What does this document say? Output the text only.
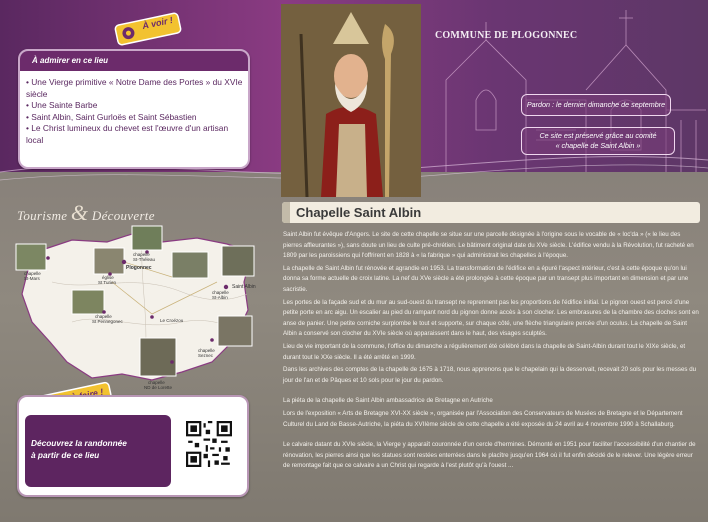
À voir !
À admirer en ce lieu
• Une Vierge primitive « Notre Dame des Portes » du XVIe siècle
• Une Sainte Barbe
• Saint Albin, Saint Gurloës et Saint Sébastien
• Le Christ lumineux du chevet est l'œuvre d'un artisan local
Tourisme & Découverte
chapelle
St-Théleau
chapelle
St-Mars	église
St Turien
Plogonnec
Saint Albin
chapelle
St-Albin
chapelle
St Pennegonec	Le Croézou
chapelle
Seznec
chapelle
ND de Lorette
Découvrez la randonnée
à partir de ce lieu
COMMUNE DE PLOGONNEC
Pardon : le dernier dimanche de septembre
Ce site est préservé grâce au comité
« chapelle de Saint Albin »
Chapelle Saint Albin

Saint Albin fut évêque d'Angers. Le site de cette chapelle se situe sur une parcelle désignée à l'origine sous le vocable de « loc'da » (« le lieu des pierres affleurantes »), sans doute un lieu de culte pré-chrétien. Le bâtiment original date du XVe siècle. L'édifice vendu à la Révolution, fut racheté en 1809 par les paroissiens qui l'offrirent en 1828 à « la fabrique » qui administrait les chapelles à l'époque.

La chapelle de Saint Albin fut rénovée et agrandie en 1953. La transformation de l'édifice en a épuré l'aspect intérieur, c'est à cette époque qu'on lui donna sa forme actuelle de croix latine. La nef du XVe siècle a été prolongée à cette époque par un transept plus important en dimension et par une sacristie.

Les portes de la façade sud et du mur au sud-ouest du transept ne reprennent pas les proportions de l'édifice initial. Le pignon ouest est percé d'une petite porte en arc aigu. Un escalier au pied du rampant nord du pignon donne accès à son clocher. Les embrasures de la chambre des cloches sont en anse de panier. Une petite corniche surplombe le tout et supporte, sur chaque côté, une flèche triangulaire percée d'un oculus. La chapelle de Saint Albin a conservé son clocher du XVIe siècle où apparaissent dans le haut, des visages sculptés.

Lieu de vie important de la commune, l'office du dimanche a régulièrement été célébré dans la chapelle de Saint-Albin durant tout le XIXe siècle, et durant tout le XXe siècle. Il a été arrêté en 1999.

Dans les archives des comptes de la chapelle de 1675 à 1718, nous apprenons que le chapelain qui la desservait, recevait 20 sols pour les messes du jour de l'an et de Pâques et 10 sols pour le jour du pardon.

La piéta de la chapelle de Saint Albin ambassadrice de Bretagne en Autriche

Lors de l'exposition « Arts de Bretagne XVI-XX siècle », organisée par l'Association des Conservateurs de Musées de Bretagne et le Département Culturel du Land de Basse-Autriche, la piéta du XVIIème siècle de cette chapelle a été exposée du 24 avril au 4 novembre 1990 à Schallaburg.

Le calvaire datant du XVIe siècle, la Vierge y apparaît couronnée d'un cercle d'hermines. Démonté en 1951 pour faciliter l'accessibilité d'un chantier de rénovation, les pierres ainsi que les statues sont restées enterrées dans le placître jusqu'en 1964 où il fut enfin décidé de le relever. Une légère erreur de remontage fait que ce calvaire a un Christ qui regarde à l'est plutôt qu'à l'ouest ...
